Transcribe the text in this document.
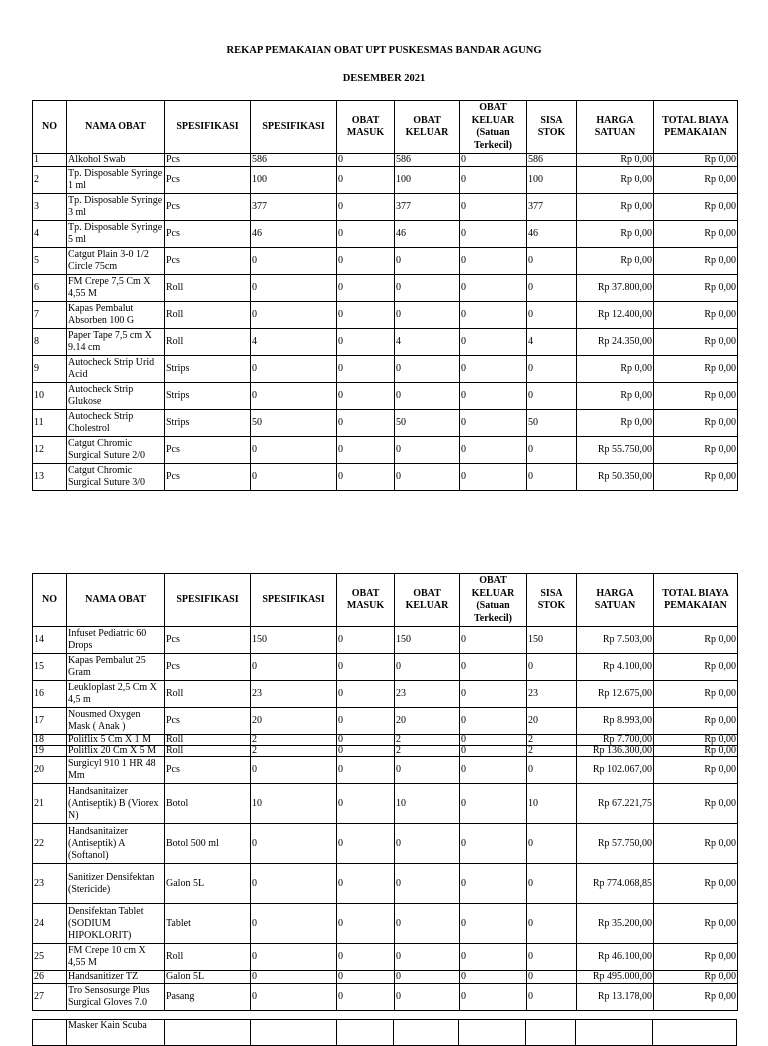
REKAP PEMAKAIAN OBAT UPT PUSKESMAS BANDAR AGUNG
DESEMBER 2021
NO	NAMA OBAT	SPESIFIKASI	SPESIFIKASI	OBAT MASUK	OBAT KELUAR	OBAT KELUAR (Satuan Terkecil)	SISA STOK	HARGA SATUAN	TOTAL BIAYA PEMAKAIAN
1	Alkohol Swab	Pcs	586	0	586	0	586	Rp 0,00	Rp 0,00
2	Tp. Disposable Syringe 1 ml	Pcs	100	0	100	0	100	Rp 0,00	Rp 0,00
3	Tp. Disposable Syringe 3 ml	Pcs	377	0	377	0	377	Rp 0,00	Rp 0,00
4	Tp. Disposable Syringe 5 ml	Pcs	46	0	46	0	46	Rp 0,00	Rp 0,00
5	Catgut Plain 3-0 1/2 Circle 75cm	Pcs	0	0	0	0	0	Rp 0,00	Rp 0,00
6	FM Crepe 7,5 Cm X 4,55 M	Roll	0	0	0	0	0	Rp 37.800,00	Rp 0,00
7	Kapas Pembalut Absorben 100 G	Roll	0	0	0	0	0	Rp 12.400,00	Rp 0,00
8	Paper Tape 7,5 cm X 9.14 cm	Roll	4	0	4	0	4	Rp 24.350,00	Rp 0,00
9	Autocheck Strip Urid Acid	Strips	0	0	0	0	0	Rp 0,00	Rp 0,00
10	Autocheck Strip Glukose	Strips	0	0	0	0	0	Rp 0,00	Rp 0,00
11	Autocheck Strip Cholestrol	Strips	50	0	50	0	50	Rp 0,00	Rp 0,00
12	Catgut Chromic Surgical Suture 2/0	Pcs	0	0	0	0	0	Rp 55.750,00	Rp 0,00
13	Catgut Chromic Surgical Suture 3/0	Pcs	0	0	0	0	0	Rp 50.350,00	Rp 0,00
NO	NAMA OBAT	SPESIFIKASI	SPESIFIKASI	OBAT MASUK	OBAT KELUAR	OBAT KELUAR (Satuan Terkecil)	SISA STOK	HARGA SATUAN	TOTAL BIAYA PEMAKAIAN
14	Infuset Pediatric 60 Drops	Pcs	150	0	150	0	150	Rp 7.503,00	Rp 0,00
15	Kapas Pembalut 25 Gram	Pcs	0	0	0	0	0	Rp 4.100,00	Rp 0,00
16	Leukloplast 2,5 Cm X 4,5 m	Roll	23	0	23	0	23	Rp 12.675,00	Rp 0,00
17	Nousmed Oxygen Mask ( Anak )	Pcs	20	0	20	0	20	Rp 8.993,00	Rp 0,00
18	Poliflix 5 Cm X 1 M	Roll	2	0	2	0	2	Rp 7.700,00	Rp 0,00
19	Poliflix 20 Cm X 5 M	Roll	2	0	2	0	2	Rp 136.300,00	Rp 0,00
20	Surgicyl 910 1 HR 48 Mm	Pcs	0	0	0	0	0	Rp 102.067,00	Rp 0,00
21	Handsanitaizer (Antiseptik) B (Viorex N)	Botol	10	0	10	0	10	Rp 67.221,75	Rp 0,00
22	Handsanitaizer (Antiseptik) A (Softanol)	Botol 500 ml	0	0	0	0	0	Rp 57.750,00	Rp 0,00
23	Sanitizer Densifektan (Stericide)	Galon 5L	0	0	0	0	0	Rp 774.068,85	Rp 0,00
24	Densifektan Tablet (SODIUM HIPOKLORIT)	Tablet	0	0	0	0	0	Rp 35.200,00	Rp 0,00
25	FM Crepe 10 cm X 4,55 M	Roll	0	0	0	0	0	Rp 46.100,00	Rp 0,00
26	Handsanitizer TZ	Galon 5L	0	0	0	0	0	Rp 495.000,00	Rp 0,00
27	Tro Sensosurge Plus Surgical Gloves 7.0	Pasang	0	0	0	0	0	Rp 13.178,00	Rp 0,00
	Masker Kain Scuba								
